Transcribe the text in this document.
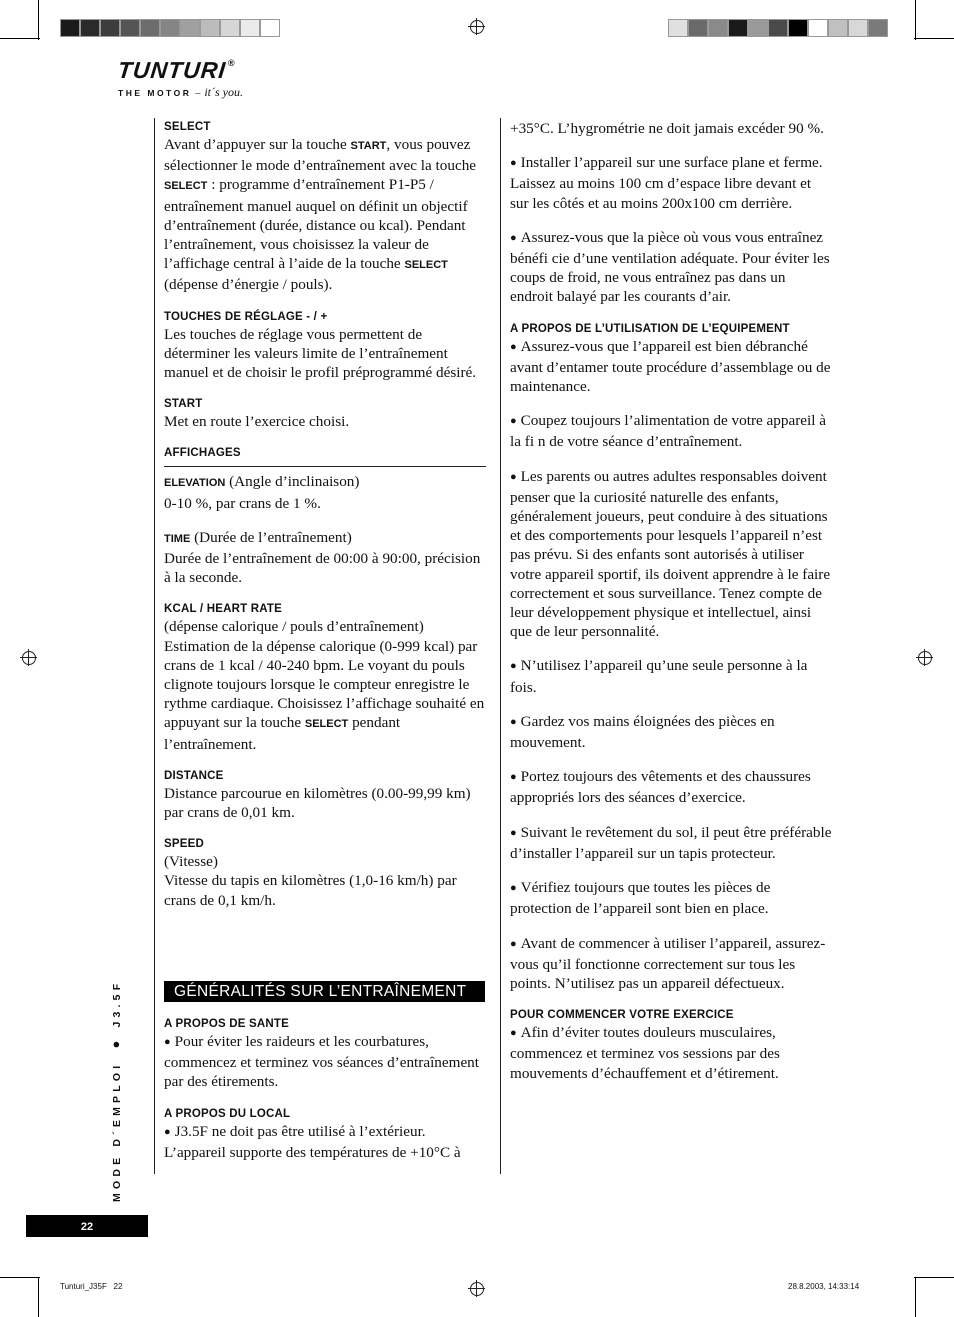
TUNTURI ®
THE MOTOR – it´s you.

SELECT

Avant d’appuyer sur la touche START, vous pouvez sélectionner le mode d’entraînement avec la touche SELECT : programme d’entraînement P1-P5 / entraînement manuel auquel on définit un objectif d’entraînement (durée, distance ou kcal). Pendant l’entraînement, vous choisissez la valeur de l’affichage central à l’aide de la touche SELECT (dépense d’énergie / pouls).

TOUCHES DE RÉGLAGE - / +

Les touches de réglage vous permettent de déterminer les valeurs limite de l’entraînement manuel et de choisir le profil préprogrammé désiré.

START

Met en route l’exercice choisi.

AFFICHAGES

ELEVATION (Angle d’inclinaison)
0-10 %, par crans de 1 %.

TIME (Durée de l’entraînement)
Durée de l’entraînement de 00:00 à 90:00, précision à la seconde.

KCAL / HEART RATE

(dépense calorique / pouls d’entraînement) Estimation de la dépense calorique (0-999 kcal) par crans de 1 kcal / 40-240 bpm. Le voyant du pouls clignote toujours lorsque le compteur enregistre le rythme cardiaque. Choisissez l’affichage souhaité en appuyant sur la touche SELECT pendant l’entraînement.

DISTANCE

Distance parcourue en kilomètres (0.00-99,99 km) par crans de 0,01 km.

SPEED

(Vitesse)
Vitesse du tapis en kilomètres (1,0-16 km/h) par crans de 0,1 km/h.

GÉNÉRALITÉS SUR L’ENTRAÎNEMENT

A PROPOS DE SANTE

● Pour éviter les raideurs et les courbatures, commencez et terminez vos séances d’entraînement par des étirements.

A PROPOS DU LOCAL

● J3.5F ne doit pas être utilisé à l’extérieur. L’appareil supporte des températures de +10°C à

+35°C. L’hygrométrie ne doit jamais excéder 90 %.

● Installer l’appareil sur une surface plane et ferme. Laissez au moins 100 cm d’espace libre devant et sur les côtés et au moins 200x100 cm derrière.

● Assurez-vous que la pièce où vous vous entraînez bénéfi cie d’une ventilation adéquate. Pour éviter les coups de froid, ne vous entraînez pas dans un endroit balayé par les courants d’air.

A PROPOS DE L’UTILISATION DE L’EQUIPEMENT

● Assurez-vous que l’appareil est bien débranché avant d’entamer toute procédure d’assemblage ou de maintenance.

● Coupez toujours l’alimentation de votre appareil à la fi n de votre séance d’entraînement.

● Les parents ou autres adultes responsables doivent penser que la curiosité naturelle des enfants, généralement joueurs, peut conduire à des situations et des comportements pour lesquels l’appareil n’est pas prévu. Si des enfants sont autorisés à utiliser votre appareil sportif, ils doivent apprendre à le faire correctement et sous surveillance. Tenez compte de leur développement physique et intellectuel, ainsi que de leur personnalité.

● N’utilisez l’appareil qu’une seule personne à la fois.

● Gardez vos mains éloignées des pièces en mouvement.

● Portez toujours des vêtements et des chaussures appropriés lors des séances d’exercice.

● Suivant le revêtement du sol, il peut être préférable d’installer l’appareil sur un tapis protecteur.

● Vérifiez toujours que toutes les pièces de protection de l’appareil sont bien en place.

● Avant de commencer à utiliser l’appareil, assurez-vous qu’il fonctionne correctement sur tous les points. N’utilisez pas un appareil défectueux.

POUR COMMENCER VOTRE EXERCICE

● Afin d’éviter toutes douleurs musculaires, commencez et terminez vos sessions par des mouvements d’échauffement et d’étirement.

MODE D´EMPLOI ● J3.5F
22
Tunturi_J35F   22	28.8.2003, 14:33:14
